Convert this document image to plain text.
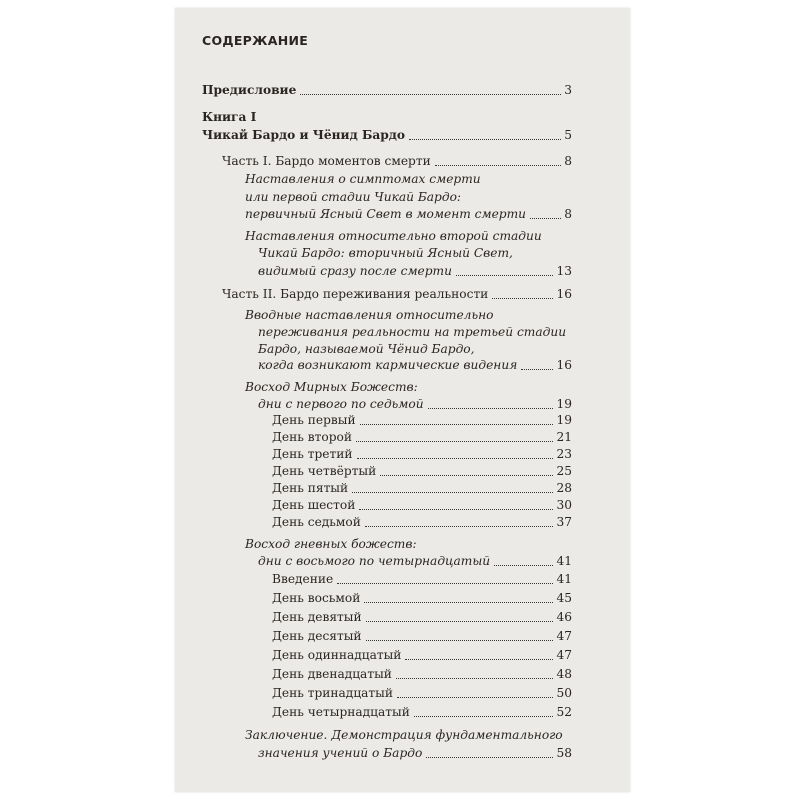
СОДЕРЖАНИЕ
Предисловие	3
Книга I
Чикай Бардо и Чёнид Бардо	5
Часть I. Бардо моментов смерти	8
Наставления о симптомах смерти
или первой стадии Чикай Бардо:
первичный Ясный Свет в момент смерти	8
Наставления относительно второй стадии
Чикай Бардо: вторичный Ясный Свет,
видимый сразу после смерти	13
Часть II. Бардо переживания реальности	16
Вводные наставления относительно
переживания реальности на третьей стадии
Бардо, называемой Чёнид Бардо,
когда возникают кармические видения	16
Восход Мирных Божеств:
дни с первого по седьмой	19
День первый	19
День второй	21
День третий	23
День четвёртый	25
День пятый	28
День шестой	30
День седьмой	37
Восход гневных божеств:
дни с восьмого по четырнадцатый	41
Введение	41
День восьмой	45
День девятый	46
День десятый	47
День одиннадцатый	47
День двенадцатый	48
День тринадцатый	50
День четырнадцатый	52
Заключение. Демонстрация фундаментального
значения учений о Бардо	58
